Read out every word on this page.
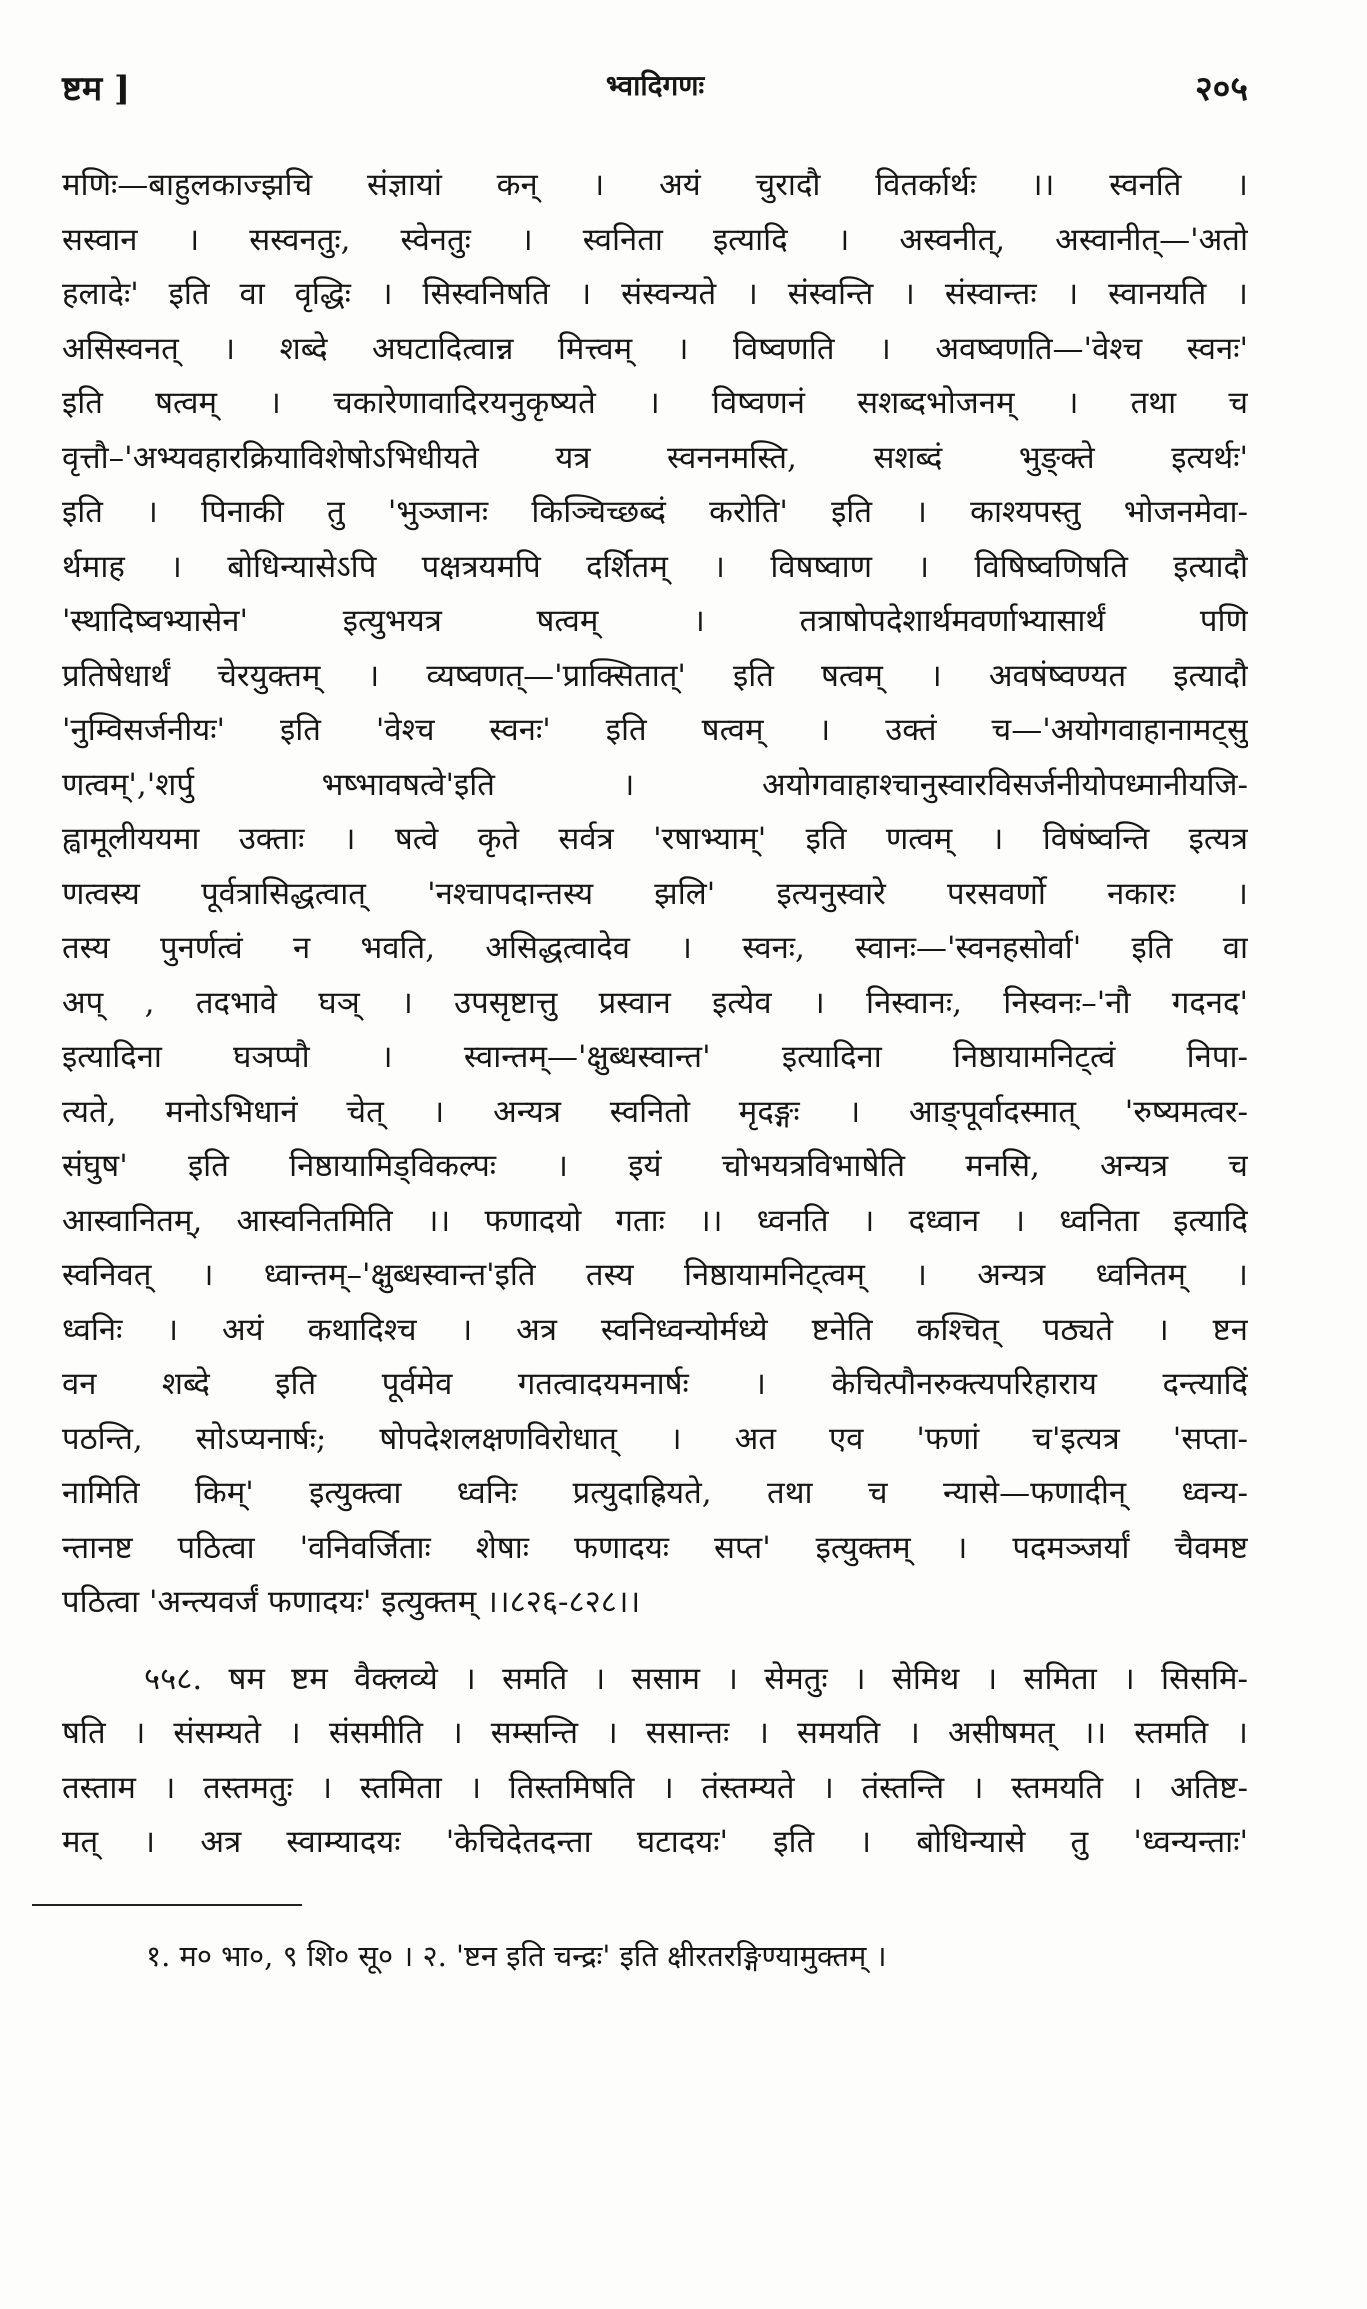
ष्टम ]	भ्वादिगणः	२०५
मणिः—बाहुलकाज्झचि संज्ञायां कन् । अयं चुरादौ वितर्कार्थः ।। स्वनति ।
सस्वान । सस्वनतुः, स्वेनतुः । स्वनिता इत्यादि । अस्वनीत्, अस्वानीत्—'अतो
हलादेः' इति वा वृद्धिः । सिस्वनिषति । संस्वन्यते । संस्वन्ति । संस्वान्तः । स्वानयति ।
असिस्वनत् । शब्दे अघटादित्वान्न मित्त्वम् । विष्वणति । अवष्वणति—'वेश्च स्वनः'
इति षत्वम् । चकारेणावादिरयनुकृष्यते । विष्वणनं सशब्दभोजनम् । तथा च
वृत्तौ–'अभ्यवहारक्रियाविशेषोऽभिधीयते यत्र स्वननमस्ति, सशब्दं भुङ्क्ते इत्यर्थः'
इति । पिनाकी तु 'भुञ्जानः किञ्चिच्छब्दं करोति' इति । काश्यपस्तु भोजनमेवा-
र्थमाह । बोधिन्यासेऽपि पक्षत्रयमपि दर्शितम् । विषष्वाण । विषिष्वणिषति इत्यादौ
'स्थादिष्वभ्यासेन' इत्युभयत्र षत्वम् । तत्राषोपदेशार्थमवर्णाभ्यासार्थं पणि
प्रतिषेधार्थं चेरयुक्तम् । व्यष्वणत्—'प्राक्सितात्' इति षत्वम् । अवषंष्वण्यत इत्यादौ
'नुम्विसर्जनीयः' इति 'वेश्च स्वनः' इति षत्वम् । उक्तं च—'अयोगवाहानामट्सु
णत्वम्','शर्पु भष्भावषत्वे'इति । अयोगवाहाश्चानुस्वारविसर्जनीयोपध्मानीयजि-
ह्वामूलीययमा उक्ताः । षत्वे कृते सर्वत्र 'रषाभ्याम्' इति णत्वम् । विषंष्वन्ति इत्यत्र
णत्वस्य पूर्वत्रासिद्धत्वात् 'नश्चापदान्तस्य झलि' इत्यनुस्वारे परसवर्णो नकारः ।
तस्य पुनर्णत्वं न भवति, असिद्धत्वादेव । स्वनः, स्वानः—'स्वनहसोर्वा' इति वा
अप् , तदभावे घञ् । उपसृष्टात्तु प्रस्वान इत्येव । निस्वानः, निस्वनः–'नौ गदनद'
इत्यादिना घञप्पौ । स्वान्तम्—'क्षुब्धस्वान्त' इत्यादिना निष्ठायामनिट्त्वं निपा-
त्यते, मनोऽभिधानं चेत् । अन्यत्र स्वनितो मृदङ्गः । आङ्पूर्वादस्मात् 'रुष्यमत्वर-
संघुष' इति निष्ठायामिड्विकल्पः । इयं चोभयत्रविभाषेति मनसि, अन्यत्र च
आस्वानितम्, आस्वनितमिति ।। फणादयो गताः ।। ध्वनति । दध्वान । ध्वनिता इत्यादि
स्वनिवत् । ध्वान्तम्–'क्षुब्धस्वान्त'इति तस्य निष्ठायामनिट्त्वम् । अन्यत्र ध्वनितम् ।
ध्वनिः । अयं कथादिश्च । अत्र स्वनिध्वन्योर्मध्ये ष्टनेति कश्चित् पठ्यते । ष्टन
वन शब्दे इति पूर्वमेव गतत्वादयमनार्षः । केचित्पौनरुक्त्यपरिहाराय दन्त्यादिं
पठन्ति, सोऽप्यनार्षः; षोपदेशलक्षणविरोधात् । अत एव 'फणां च'इत्यत्र 'सप्ता-
नामिति किम्' इत्युक्त्वा ध्वनिः प्रत्युदाह्रियते, तथा च न्यासे—फणादीन् ध्वन्य-
न्तानष्ट पठित्वा 'वनिवर्जिताः शेषाः फणादयः सप्त' इत्युक्तम् । पदमञ्जर्यां चैवमष्ट
पठित्वा 'अन्त्यवर्जं फणादयः' इत्युक्तम् ।।८२६-८२८।।
५५८. षम ष्टम वैक्लव्ये । समति । ससाम । सेमतुः । सेमिथ । समिता । सिसमि-
षति । संसम्यते । संसमीति । सम्सन्ति । ससान्तः । समयति । असीषमत् ।। स्तमति ।
तस्ताम । तस्तमतुः । स्तमिता । तिस्तमिषति । तंस्तम्यते । तंस्तन्ति । स्तमयति । अतिष्ट-
मत् । अत्र स्वाम्यादयः 'केचिदेतदन्ता घटादयः' इति । बोधिन्यासे तु 'ध्वन्यन्ताः'
१. म० भा०, ९ शि० सू० । २. 'ष्टन इति चन्द्रः' इति क्षीरतरङ्गिण्यामुक्तम् ।
